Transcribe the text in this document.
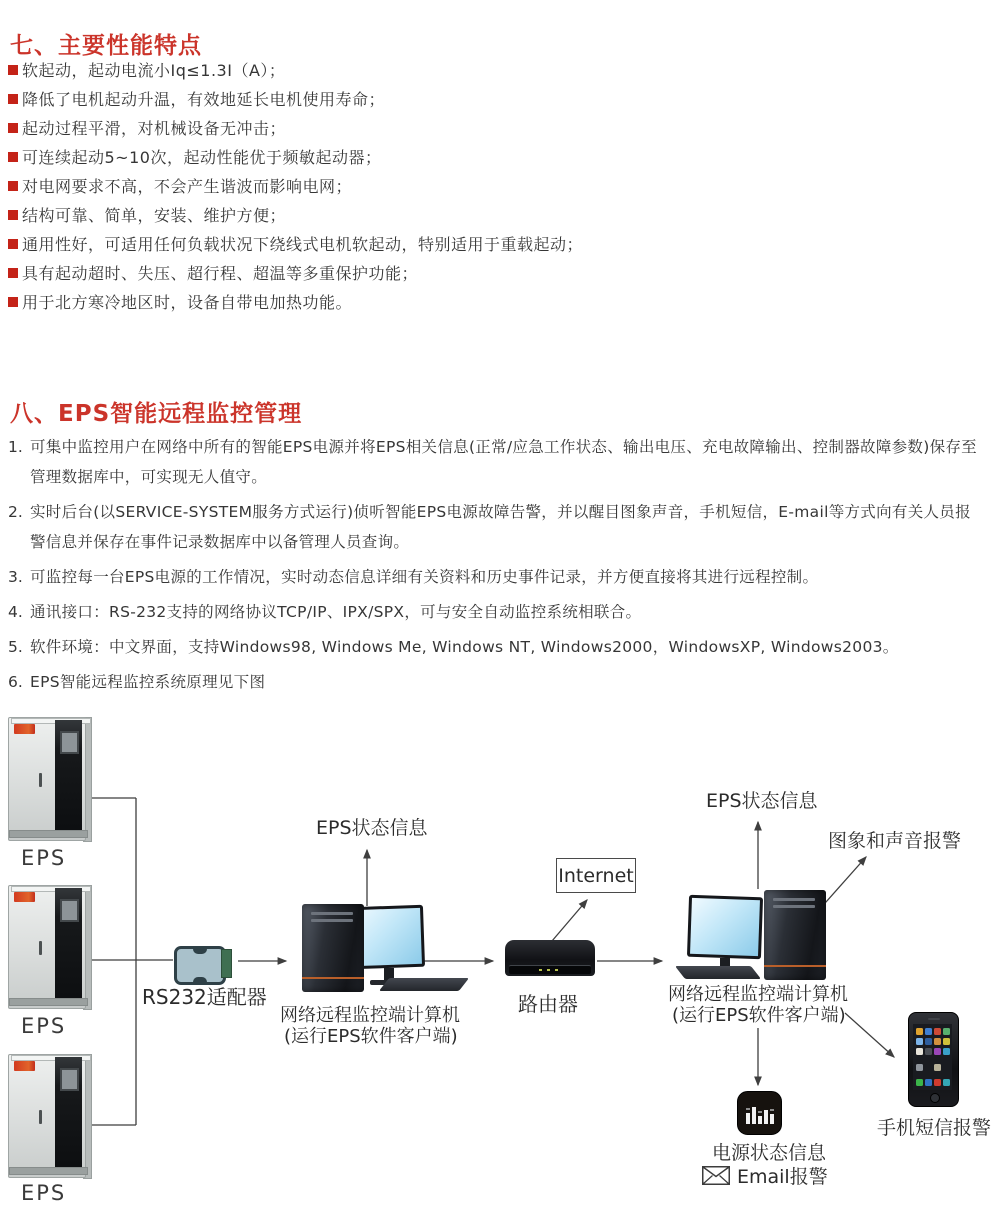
七、主要性能特点
软起动，起动电流小Iq≤1.3I（A）；
降低了电机起动升温，有效地延长电机使用寿命；
起动过程平滑，对机械设备无冲击；
可连续起动5~10次，起动性能优于频敏起动器；
对电网要求不高，不会产生谐波而影响电网；
结构可靠、简单，安装、维护方便；
通用性好，可适用任何负载状况下绕线式电机软起动，特别适用于重载起动；
具有起动超时、失压、超行程、超温等多重保护功能；
用于北方寒冷地区时，设备自带电加热功能。
八、EPS智能远程监控管理
1. 可集中监控用户在网络中所有的智能EPS电源并将EPS相关信息(正常/应急工作状态、输出电压、充电故障输出、控制器故障参数)保存至管理数据库中，可实现无人值守。
2. 实时后台(以SERVICE-SYSTEM服务方式运行)侦听智能EPS电源故障告警，并以醒目图象声音，手机短信，E-mail等方式向有关人员报警信息并保存在事件记录数据库中以备管理人员查询。
3. 可监控每一台EPS电源的工作情况，实时动态信息详细有关资料和历史事件记录，并方便直接将其进行远程控制。
4. 通讯接口：RS-232支持的网络协议TCP/IP、IPX/SPX，可与安全自动监控系统相联合。
5. 软件环境：中文界面，支持Windows98, Windows Me, Windows NT, Windows2000，WindowsXP, Windows2003。
6. EPS智能远程监控系统原理见下图
EPS
EPS
EPS
RS232适配器
网络远程监控端计算机
(运行EPS软件客户端)
EPS状态信息
路由器
Internet
网络远程监控端计算机
(运行EPS软件客户端)
EPS状态信息
图象和声音报警
电源状态信息
Email报警
手机短信报警
